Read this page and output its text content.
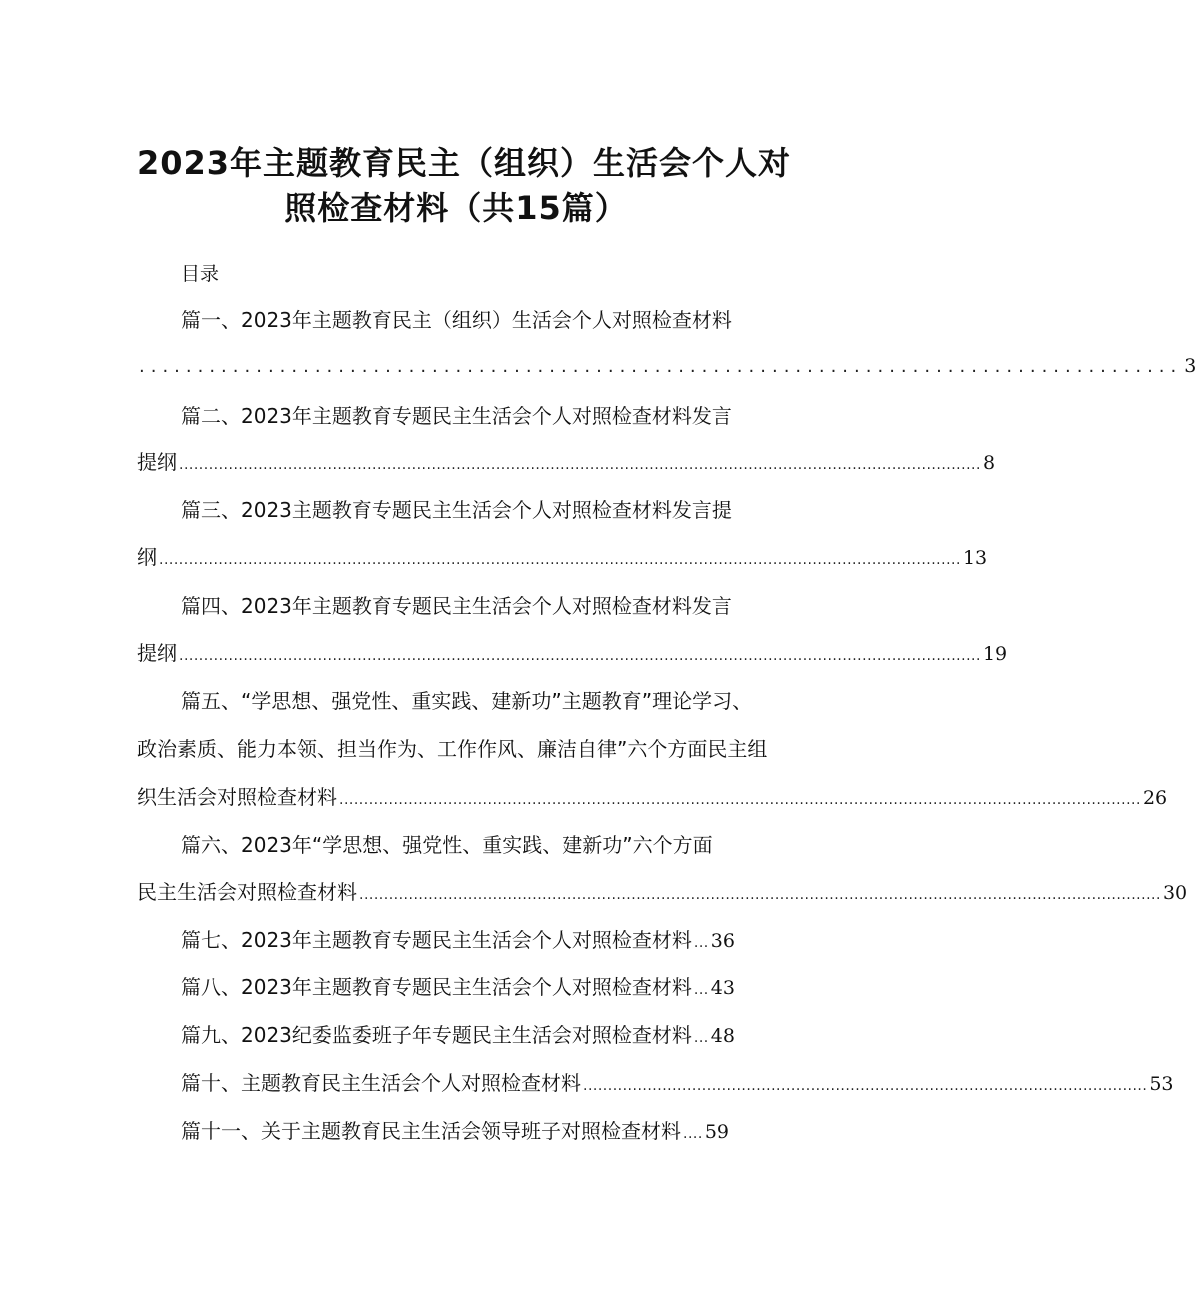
2023年主题教育民主（组织）生活会个人对
照检查材料（共15篇）
目录
篇一、2023年主题教育民主（组织）生活会个人对照检查材料
......................................................................................... 3
篇二、2023年主题教育专题民主生活会个人对照检查材料发言
提纲 .................................................................................................................................................................. 8
篇三、2023主题教育专题民主生活会个人对照检查材料发言提
纲 .................................................................................................................................................................. 13
篇四、2023年主题教育专题民主生活会个人对照检查材料发言
提纲 .................................................................................................................................................................. 19
篇五、“学思想、强党性、重实践、建新功”主题教育”理论学习、
政治素质、能力本领、担当作为、工作作风、廉洁自律”六个方面民主组
织生活会对照检查材料 .................................................................................................................................................................. 26
篇六、2023年“学思想、强党性、重实践、建新功”六个方面
民主生活会对照检查材料 .................................................................................................................................................................. 30
篇七、2023年主题教育专题民主生活会个人对照检查材料 ... 36
篇八、2023年主题教育专题民主生活会个人对照检查材料 ... 43
篇九、2023纪委监委班子年专题民主生活会对照检查材料 ... 48
篇十、主题教育民主生活会个人对照检查材料 .................................................................................................................. 53
篇十一、关于主题教育民主生活会领导班子对照检查材料 .... 59
